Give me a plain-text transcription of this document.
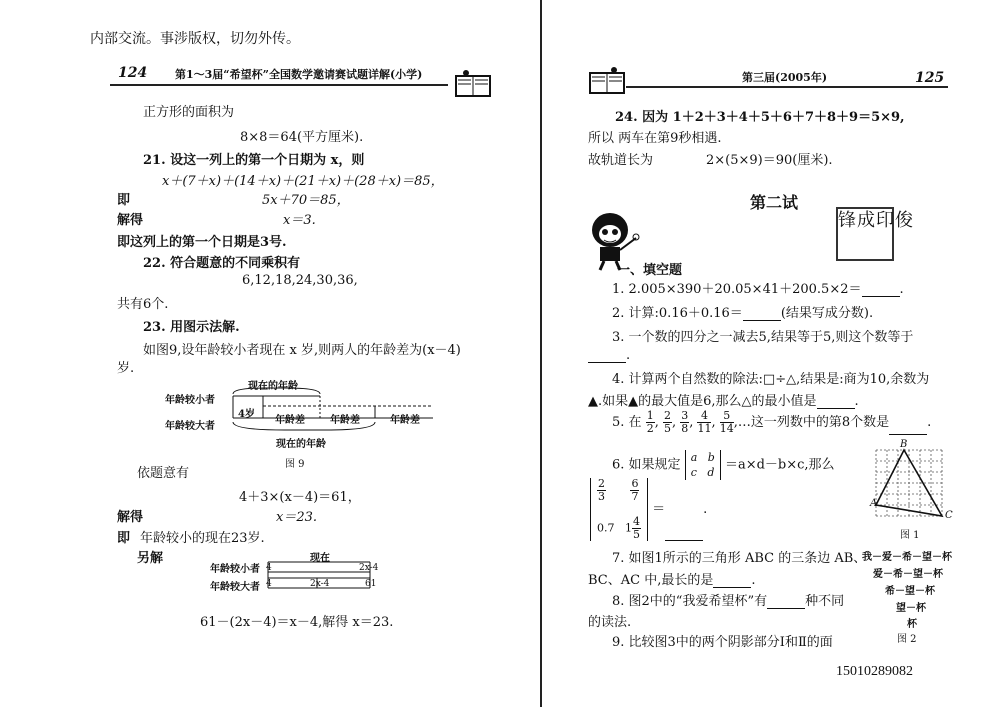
内部交流。事涉版权，切勿外传。
124	第1～3届“希望杯”全国数学邀请赛试题详解(小学)
正方形的面积为
8×8＝64(平方厘米).
21. 设这一列上的第一个日期为 x，则
x＋(7＋x)＋(14＋x)＋(21＋x)＋(28＋x)＝85，
即	5x＋70＝85，
解得	x＝3.
即这列上的第一个日期是3号.
22. 符合题意的不同乘积有
6,12,18,24,30,36,
共有6个.
23. 用图示法解.
如图9,设年龄较小者现在 x 岁,则两人的年龄差为(x－4)
岁.
现在的年龄
年龄较小者
年龄较大者
4岁
年龄差	年龄差	年龄差
现在的年龄
图 9
依题意有
4＋3×(x－4)＝61，
解得	x＝23.
即 年龄较小的现在23岁.
另解	现在
年龄较小者
年龄较大者
4	2x-4
4	2x-4	61
61－(2x－4)＝x－4,解得 x＝23.
第三届(2005年)	125
24. 因为 1＋2＋3＋4＋5＋6＋7＋8＋9＝5×9,
所以 两车在第9秒相遇.
故轨道长为	2×(5×9)＝90(厘米).
第二试
锋成印俊
一、填空题
1. 2.005×390＋20.05×41＋200.5×2＝	.
2. 计算:0.16＋0.16＝	(结果写成分数).
3. 一个数的四分之一减去5,结果等于5,则这个数等于
.
4. 计算两个自然数的除法:□÷△,结果是:商为10,余数为
▲.如果▲的最大值是6,那么△的最小值是	.
5. 在 $\frac{1}{2}$ , $\frac{2}{5}$ , $\frac{3}{8}$ , $\frac{4}{11}$ , $\frac{5}{14}$ ,…这一列数中的第8个数是	.
6. 如果规定 a b
c d ＝a×d－b×c,那么
$\frac{2}{3}$
$\frac{6}{7}$

0.7 $1 \frac{4}{5}$
＝	.
B
A
C
图 1
7. 如图1所示的三角形 ABC 的三条边 AB、
BC、AC 中,最长的是	.
8. 图2中的“我爱希望杯”有	种不同
的读法.
9. 比较图3中的两个阴影部分Ⅰ和Ⅱ的面
我－爱－希－望－杯
爱－希－望－杯
希－望－杯
望－杯
杯
图 2
15010289082
